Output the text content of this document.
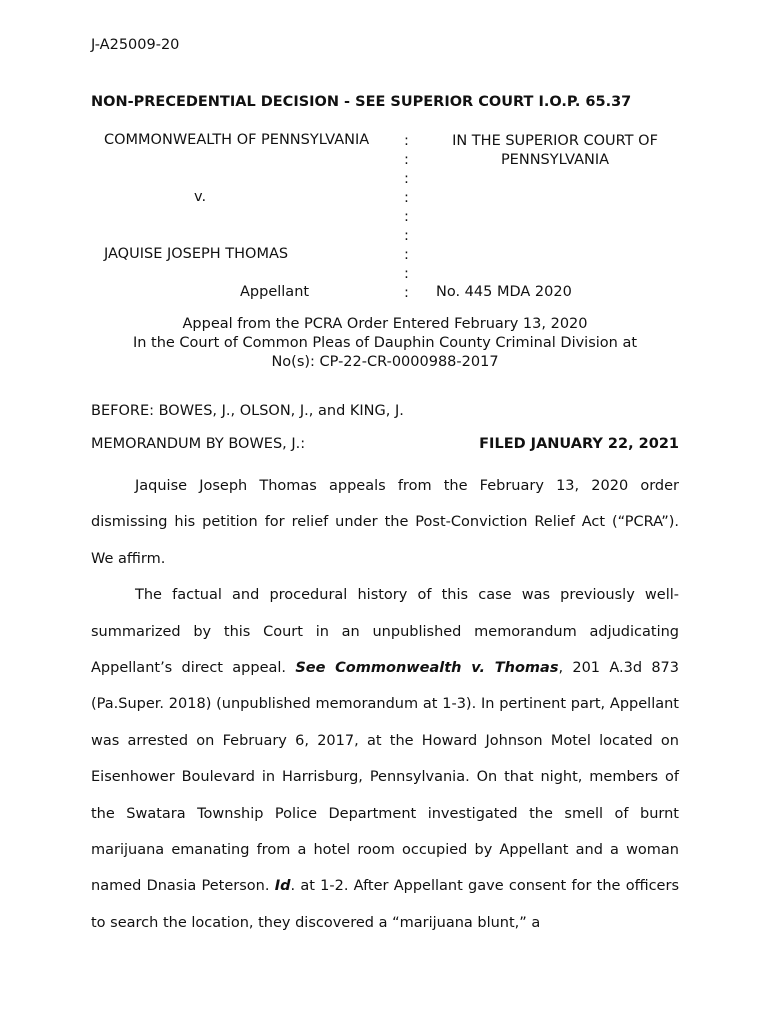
J-A25009-20
NON-PRECEDENTIAL DECISION - SEE SUPERIOR COURT I.O.P. 65.37
COMMONWEALTH OF PENNSYLVANIA
v.
JAQUISE JOSEPH THOMAS
Appellant
:
:
:
:
:
:
:
:
:
IN THE SUPERIOR COURT OF PENNSYLVANIA
No. 445 MDA 2020
Appeal from the PCRA Order Entered February 13, 2020
In the Court of Common Pleas of Dauphin County Criminal Division at
No(s): CP-22-CR-0000988-2017
BEFORE: BOWES, J., OLSON, J., and KING, J.
MEMORANDUM BY BOWES, J.:	FILED JANUARY 22, 2021

Jaquise Joseph Thomas appeals from the February 13, 2020 order dismissing his petition for relief under the Post-Conviction Relief Act (“PCRA”). We affirm.

The factual and procedural history of this case was previously well-summarized by this Court in an unpublished memorandum adjudicating Appellant’s direct appeal. See Commonwealth v. Thomas, 201 A.3d 873 (Pa.Super. 2018) (unpublished memorandum at 1-3). In pertinent part, Appellant was arrested on February 6, 2017, at the Howard Johnson Motel located on Eisenhower Boulevard in Harrisburg, Pennsylvania. On that night, members of the Swatara Township Police Department investigated the smell of burnt marijuana emanating from a hotel room occupied by Appellant and a woman named Dnasia Peterson. Id. at 1-2. After Appellant gave consent for the officers to search the location, they discovered a “marijuana blunt,” a
